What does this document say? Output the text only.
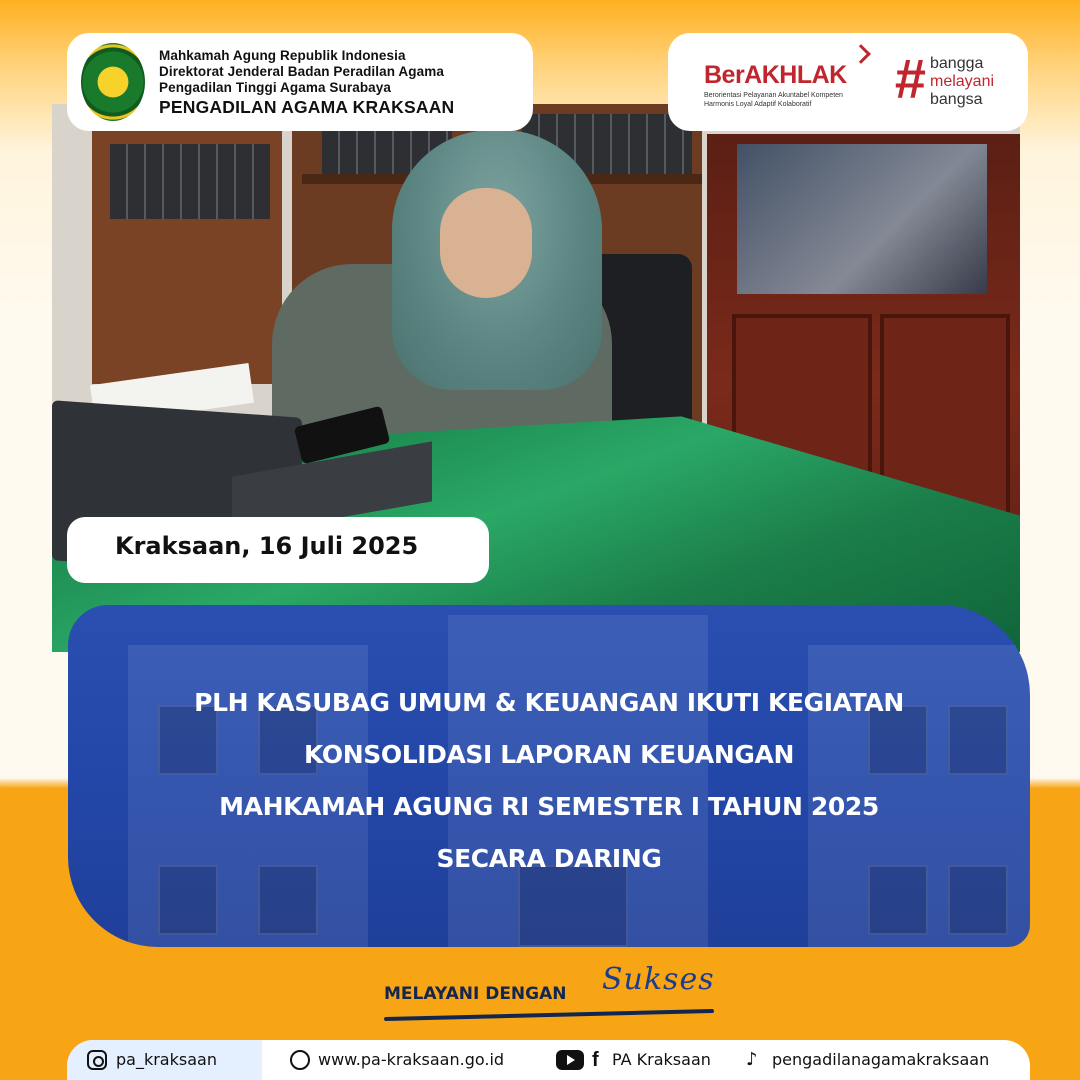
Mahkamah Agung Republik Indonesia
Direktorat Jenderal Badan Peradilan Agama
Pengadilan Tinggi Agama Surabaya
PENGADILAN AGAMA KRAKSAAN
BerAKHLAK
Berorientasi Pelayanan Akuntabel Kompeten Harmonis Loyal Adaptif Kolaboratif	# bangga
melayani
bangsa
Kraksaan, 16 Juli 2025
PLH KASUBAG UMUM & KEUANGAN IKUTI KEGIATAN
KONSOLIDASI LAPORAN KEUANGAN
MAHKAMAH AGUNG RI SEMESTER I TAHUN 2025
SECARA DARING
MELAYANI DENGAN Sukses
pa_kraksaan	www.pa-kraksaan.go.id	f PA Kraksaan ♪ pengadilanagamakraksaan
